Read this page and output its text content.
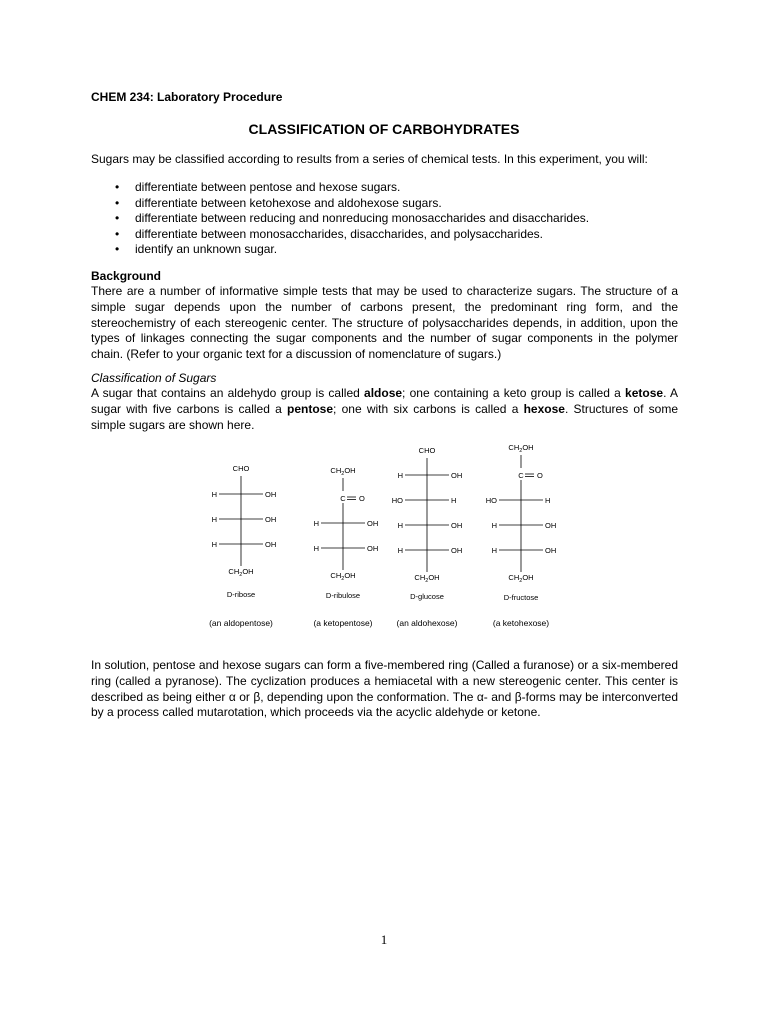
CHEM 234: Laboratory Procedure
CLASSIFICATION OF CARBOHYDRATES
Sugars may be classified according to results from a series of chemical tests. In this experiment, you will:
• differentiate between pentose and hexose sugars.
• differentiate between ketohexose and aldohexose sugars.
• differentiate between reducing and nonreducing monosaccharides and disaccharides.
• differentiate between monosaccharides, disaccharides, and polysaccharides.
• identify an unknown sugar.
Background
There are a number of informative simple tests that may be used to characterize sugars. The structure of a simple sugar depends upon the number of carbons present, the predominant ring form, and the stereochemistry of each stereogenic center. The structure of polysaccharides depends, in addition, upon the types of linkages connecting the sugar components and the number of sugar components in the polymer chain. (Refer to your organic text for a discussion of nomenclature of sugars.)
Classification of Sugars
A sugar that contains an aldehydo group is called aldose; one containing a keto group is called a ketose. A sugar with five carbons is called a pentose; one with six carbons is called a hexose. Structures of some simple sugars are shown here.
CHO
H	OH
H	OH
H	OH
$CH_2OH$
D-ribose
(an aldopentose)
$CH_2OH$
C O
H	OH
H	OH
$CH_2OH$
D-ribulose
(a ketopentose)
CHO
H	OH
HO	H
H	OH
H	OH
$CH_2OH$
D-glucose
(an aldohexose)
$CH_2OH$
C O
HO	H
H	OH
H	OH
$CH_2OH$
D-fructose
(a ketohexose)
In solution, pentose and hexose sugars can form a five-membered ring (Called a furanose) or a six-membered ring (called a pyranose). The cyclization produces a hemiacetal with a new stereogenic center. This center is described as being either α or β, depending upon the conformation. The α- and β-forms may be interconverted by a process called mutarotation, which proceeds via the acyclic aldehyde or ketone.
1
